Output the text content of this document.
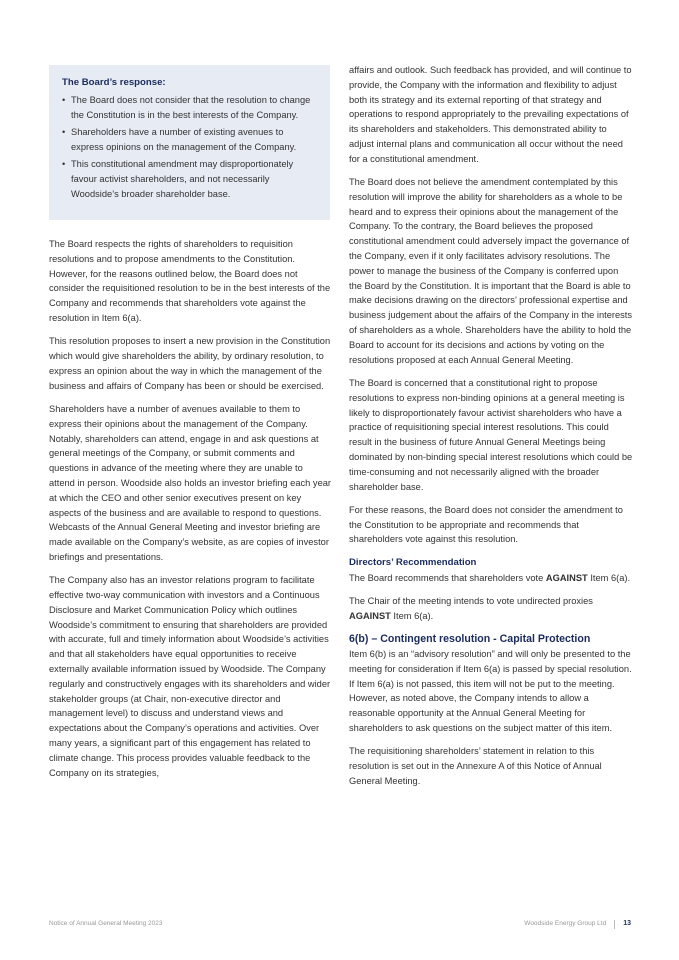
The Board’s response:
• The Board does not consider that the resolution to change the Constitution is in the best interests of the Company.
• Shareholders have a number of existing avenues to express opinions on the management of the Company.
• This constitutional amendment may disproportionately favour activist shareholders, and not necessarily Woodside’s broader shareholder base.

The Board respects the rights of shareholders to requisition resolutions and to propose amendments to the Constitution. However, for the reasons outlined below, the Board does not consider the requisitioned resolution to be in the best interests of the Company and recommends that shareholders vote against the resolution in Item 6(a).

This resolution proposes to insert a new provision in the Constitution which would give shareholders the ability, by ordinary resolution, to express an opinion about the way in which the management of the business and affairs of Company has been or should be exercised.

Shareholders have a number of avenues available to them to express their opinions about the management of the Company. Notably, shareholders can attend, engage in and ask questions at general meetings of the Company, or submit comments and questions in advance of the meeting where they are unable to attend in person. Woodside also holds an investor briefing each year at which the CEO and other senior executives present on key aspects of the business and are available to respond to questions. Webcasts of the Annual General Meeting and investor briefing are made available on the Company’s website, as are copies of investor briefings and presentations.

The Company also has an investor relations program to facilitate effective two-way communication with investors and a Continuous Disclosure and Market Communication Policy which outlines Woodside’s commitment to ensuring that shareholders are provided with accurate, full and timely information about Woodside’s activities and that all stakeholders have equal opportunities to receive externally available information issued by Woodside. The Company regularly and constructively engages with its shareholders and wider stakeholder groups (at Chair, non-executive director and management level) to discuss and understand views and expectations about the Company’s operations and activities. Over many years, a significant part of this engagement has related to climate change. This process provides valuable feedback to the Company on its strategies,

affairs and outlook. Such feedback has provided, and will continue to provide, the Company with the information and flexibility to adjust both its strategy and its external reporting of that strategy and operations to respond appropriately to the prevailing expectations of its shareholders and stakeholders. This demonstrated ability to adjust internal plans and communication all occur without the need for a constitutional amendment.

The Board does not believe the amendment contemplated by this resolution will improve the ability for shareholders as a whole to be heard and to express their opinions about the management of the Company. To the contrary, the Board believes the proposed constitutional amendment could adversely impact the governance of the Company, even if it only facilitates advisory resolutions. The power to manage the business of the Company is conferred upon the Board by the Constitution. It is important that the Board is able to make decisions drawing on the directors’ professional expertise and business judgement about the affairs of the Company in the interests of shareholders as a whole. Shareholders have the ability to hold the Board to account for its decisions and actions by voting on the resolutions proposed at each Annual General Meeting.

The Board is concerned that a constitutional right to propose resolutions to express non-binding opinions at a general meeting is likely to disproportionately favour activist shareholders who have a practice of requisitioning special interest resolutions. This could result in the business of future Annual General Meetings being dominated by non-binding special interest resolutions which could be time-consuming and not necessarily aligned with the broader shareholder base.

For these reasons, the Board does not consider the amendment to the Constitution to be appropriate and recommends that shareholders vote against this resolution.

Directors’ Recommendation

The Board recommends that shareholders vote AGAINST Item 6(a).

The Chair of the meeting intends to vote undirected proxies AGAINST Item 6(a).

6(b) – Contingent resolution - Capital Protection

Item 6(b) is an “advisory resolution” and will only be presented to the meeting for consideration if Item 6(a) is passed by special resolution. If Item 6(a) is not passed, this item will not be put to the meeting. However, as noted above, the Company intends to allow a reasonable opportunity at the Annual General Meeting for shareholders to ask questions on the subject matter of this item.

The requisitioning shareholders’ statement in relation to this resolution is set out in the Annexure A of this Notice of Annual General Meeting.

Notice of Annual General Meeting 2023	Woodside Energy Group Ltd 13
